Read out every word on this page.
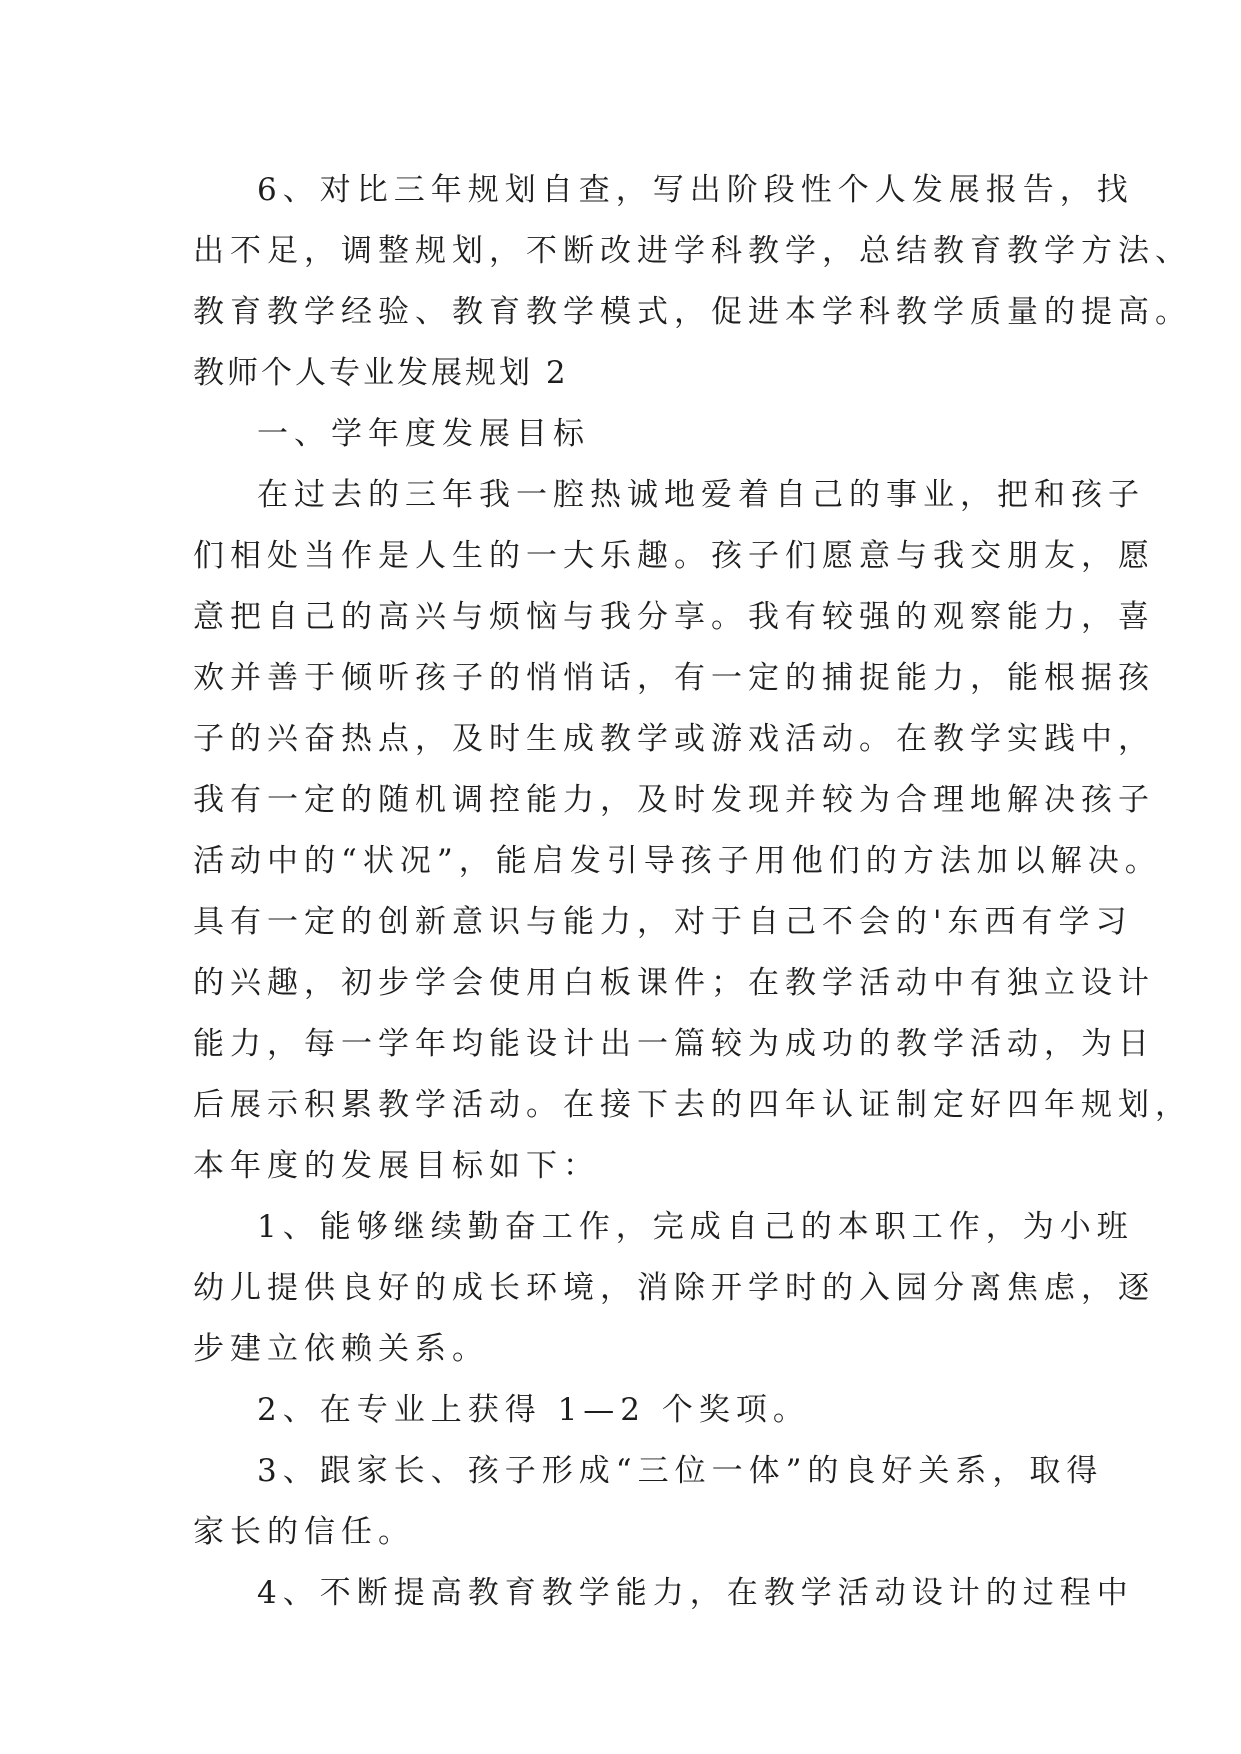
6、对比三年规划自查，写出阶段性个人发展报告，找
出不足，调整规划，不断改进学科教学，总结教育教学方法、
教育教学经验、教育教学模式，促进本学科教学质量的提高。
教师个人专业发展规划 2
一、学年度发展目标
在过去的三年我一腔热诚地爱着自己的事业，把和孩子
们相处当作是人生的一大乐趣。孩子们愿意与我交朋友，愿
意把自己的高兴与烦恼与我分享。我有较强的观察能力，喜
欢并善于倾听孩子的悄悄话，有一定的捕捉能力，能根据孩
子的兴奋热点，及时生成教学或游戏活动。在教学实践中，
我有一定的随机调控能力，及时发现并较为合理地解决孩子
活动中的“状况”，能启发引导孩子用他们的方法加以解决。
具有一定的创新意识与能力，对于自己不会的'东西有学习
的兴趣，初步学会使用白板课件；在教学活动中有独立设计
能力，每一学年均能设计出一篇较为成功的教学活动，为日
后展示积累教学活动。在接下去的四年认证制定好四年规划，
本年度的发展目标如下：
1、能够继续勤奋工作，完成自己的本职工作，为小班
幼儿提供良好的成长环境，消除开学时的入园分离焦虑，逐
步建立依赖关系。
2、在专业上获得 1—2 个奖项。
3、跟家长、孩子形成“三位一体”的良好关系，取得
家长的信任。
4、不断提高教育教学能力，在教学活动设计的过程中
